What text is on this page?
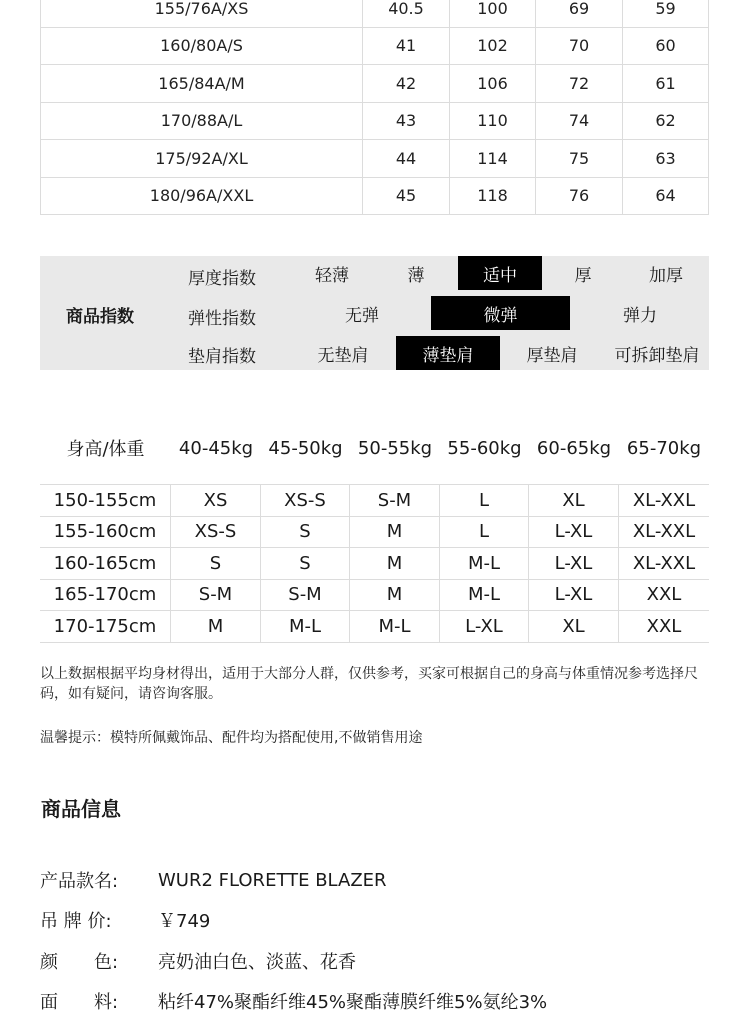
155/76A/XS	40.5	100	69	59
160/80A/S	41	102	70	60
165/84A/M	42	106	72	61
170/88A/L	43	110	74	62
175/92A/XL	44	114	75	63
180/96A/XXL	45	118	76	64
商品指数
厚度指数	轻薄	薄	适中	厚	加厚
弹性指数	无弹	微弹	弹力
垫肩指数	无垫肩	薄垫肩	厚垫肩	可拆卸垫肩
身高/体重	40-45kg 45-50kg 50-55kg 55-60kg 60-65kg 65-70kg
150-155cm	XS	XS-S	S-M	L	XL	XL-XXL
155-160cm	XS-S	S	M	L	L-XL	XL-XXL
160-165cm	S	S	M	M-L	L-XL	XL-XXL
165-170cm	S-M	S-M	M	M-L	L-XL	XXL
170-175cm	M	M-L	M-L	L-XL	XL	XXL
以上数据根据平均身材得出，适用于大部分人群，仅供参考，买家可根据自己的身高与体重情况参考选择尺码，如有疑问，请咨询客服。
温馨提示：模特所佩戴饰品、配件均为搭配使用,不做销售用途
商品信息
产品款名:	WUR2 FLORETTE BLAZER
吊 牌 价:	￥749
颜　　色:	亮奶油白色、淡蓝、花香
面　　料:	粘纤47%聚酯纤维45%聚酯薄膜纤维5%氨纶3%
